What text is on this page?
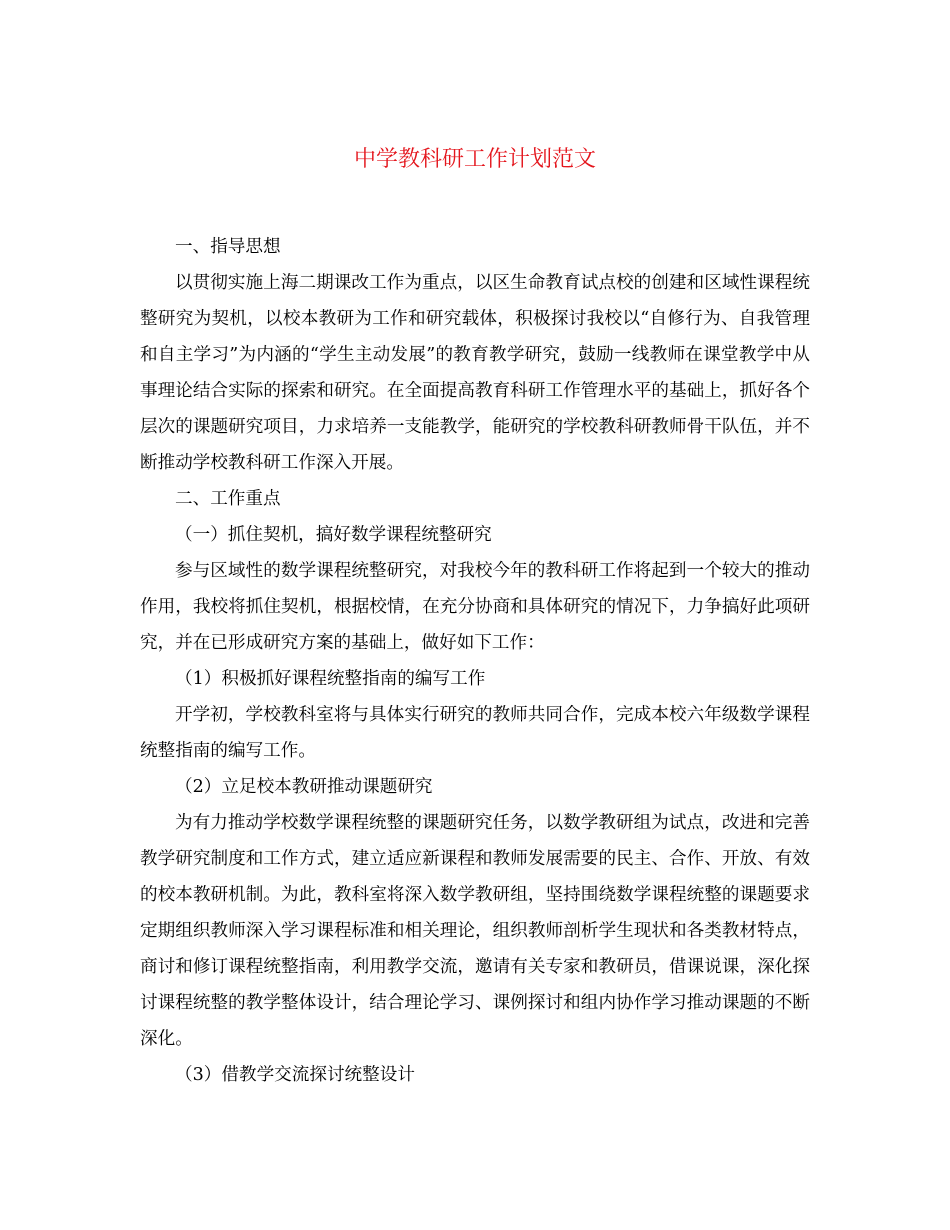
中学教科研工作计划范文

一、指导思想

以贯彻实施上海二期课改工作为重点，以区生命教育试点校的创建和区域性课程统整研究为契机，以校本教研为工作和研究载体，积极探讨我校以“自修行为、自我管理和自主学习”为内涵的“学生主动发展”的教育教学研究，鼓励一线教师在课堂教学中从事理论结合实际的探索和研究。在全面提高教育科研工作管理水平的基础上，抓好各个层次的课题研究项目，力求培养一支能教学，能研究的学校教科研教师骨干队伍，并不断推动学校教科研工作深入开展。

二、工作重点

（一）抓住契机，搞好数学课程统整研究

参与区域性的数学课程统整研究，对我校今年的教科研工作将起到一个较大的推动作用，我校将抓住契机，根据校情，在充分协商和具体研究的情况下，力争搞好此项研究，并在已形成研究方案的基础上，做好如下工作：

（1）积极抓好课程统整指南的编写工作

开学初，学校教科室将与具体实行研究的教师共同合作，完成本校六年级数学课程统整指南的编写工作。

（2）立足校本教研推动课题研究

为有力推动学校数学课程统整的课题研究任务，以数学教研组为试点，改进和完善教学研究制度和工作方式，建立适应新课程和教师发展需要的民主、合作、开放、有效的校本教研机制。为此，教科室将深入数学教研组，坚持围绕数学课程统整的课题要求定期组织教师深入学习课程标准和相关理论，组织教师剖析学生现状和各类教材特点，商讨和修订课程统整指南，利用教学交流，邀请有关专家和教研员，借课说课，深化探讨课程统整的教学整体设计，结合理论学习、课例探讨和组内协作学习推动课题的不断深化。

（3）借教学交流探讨统整设计
